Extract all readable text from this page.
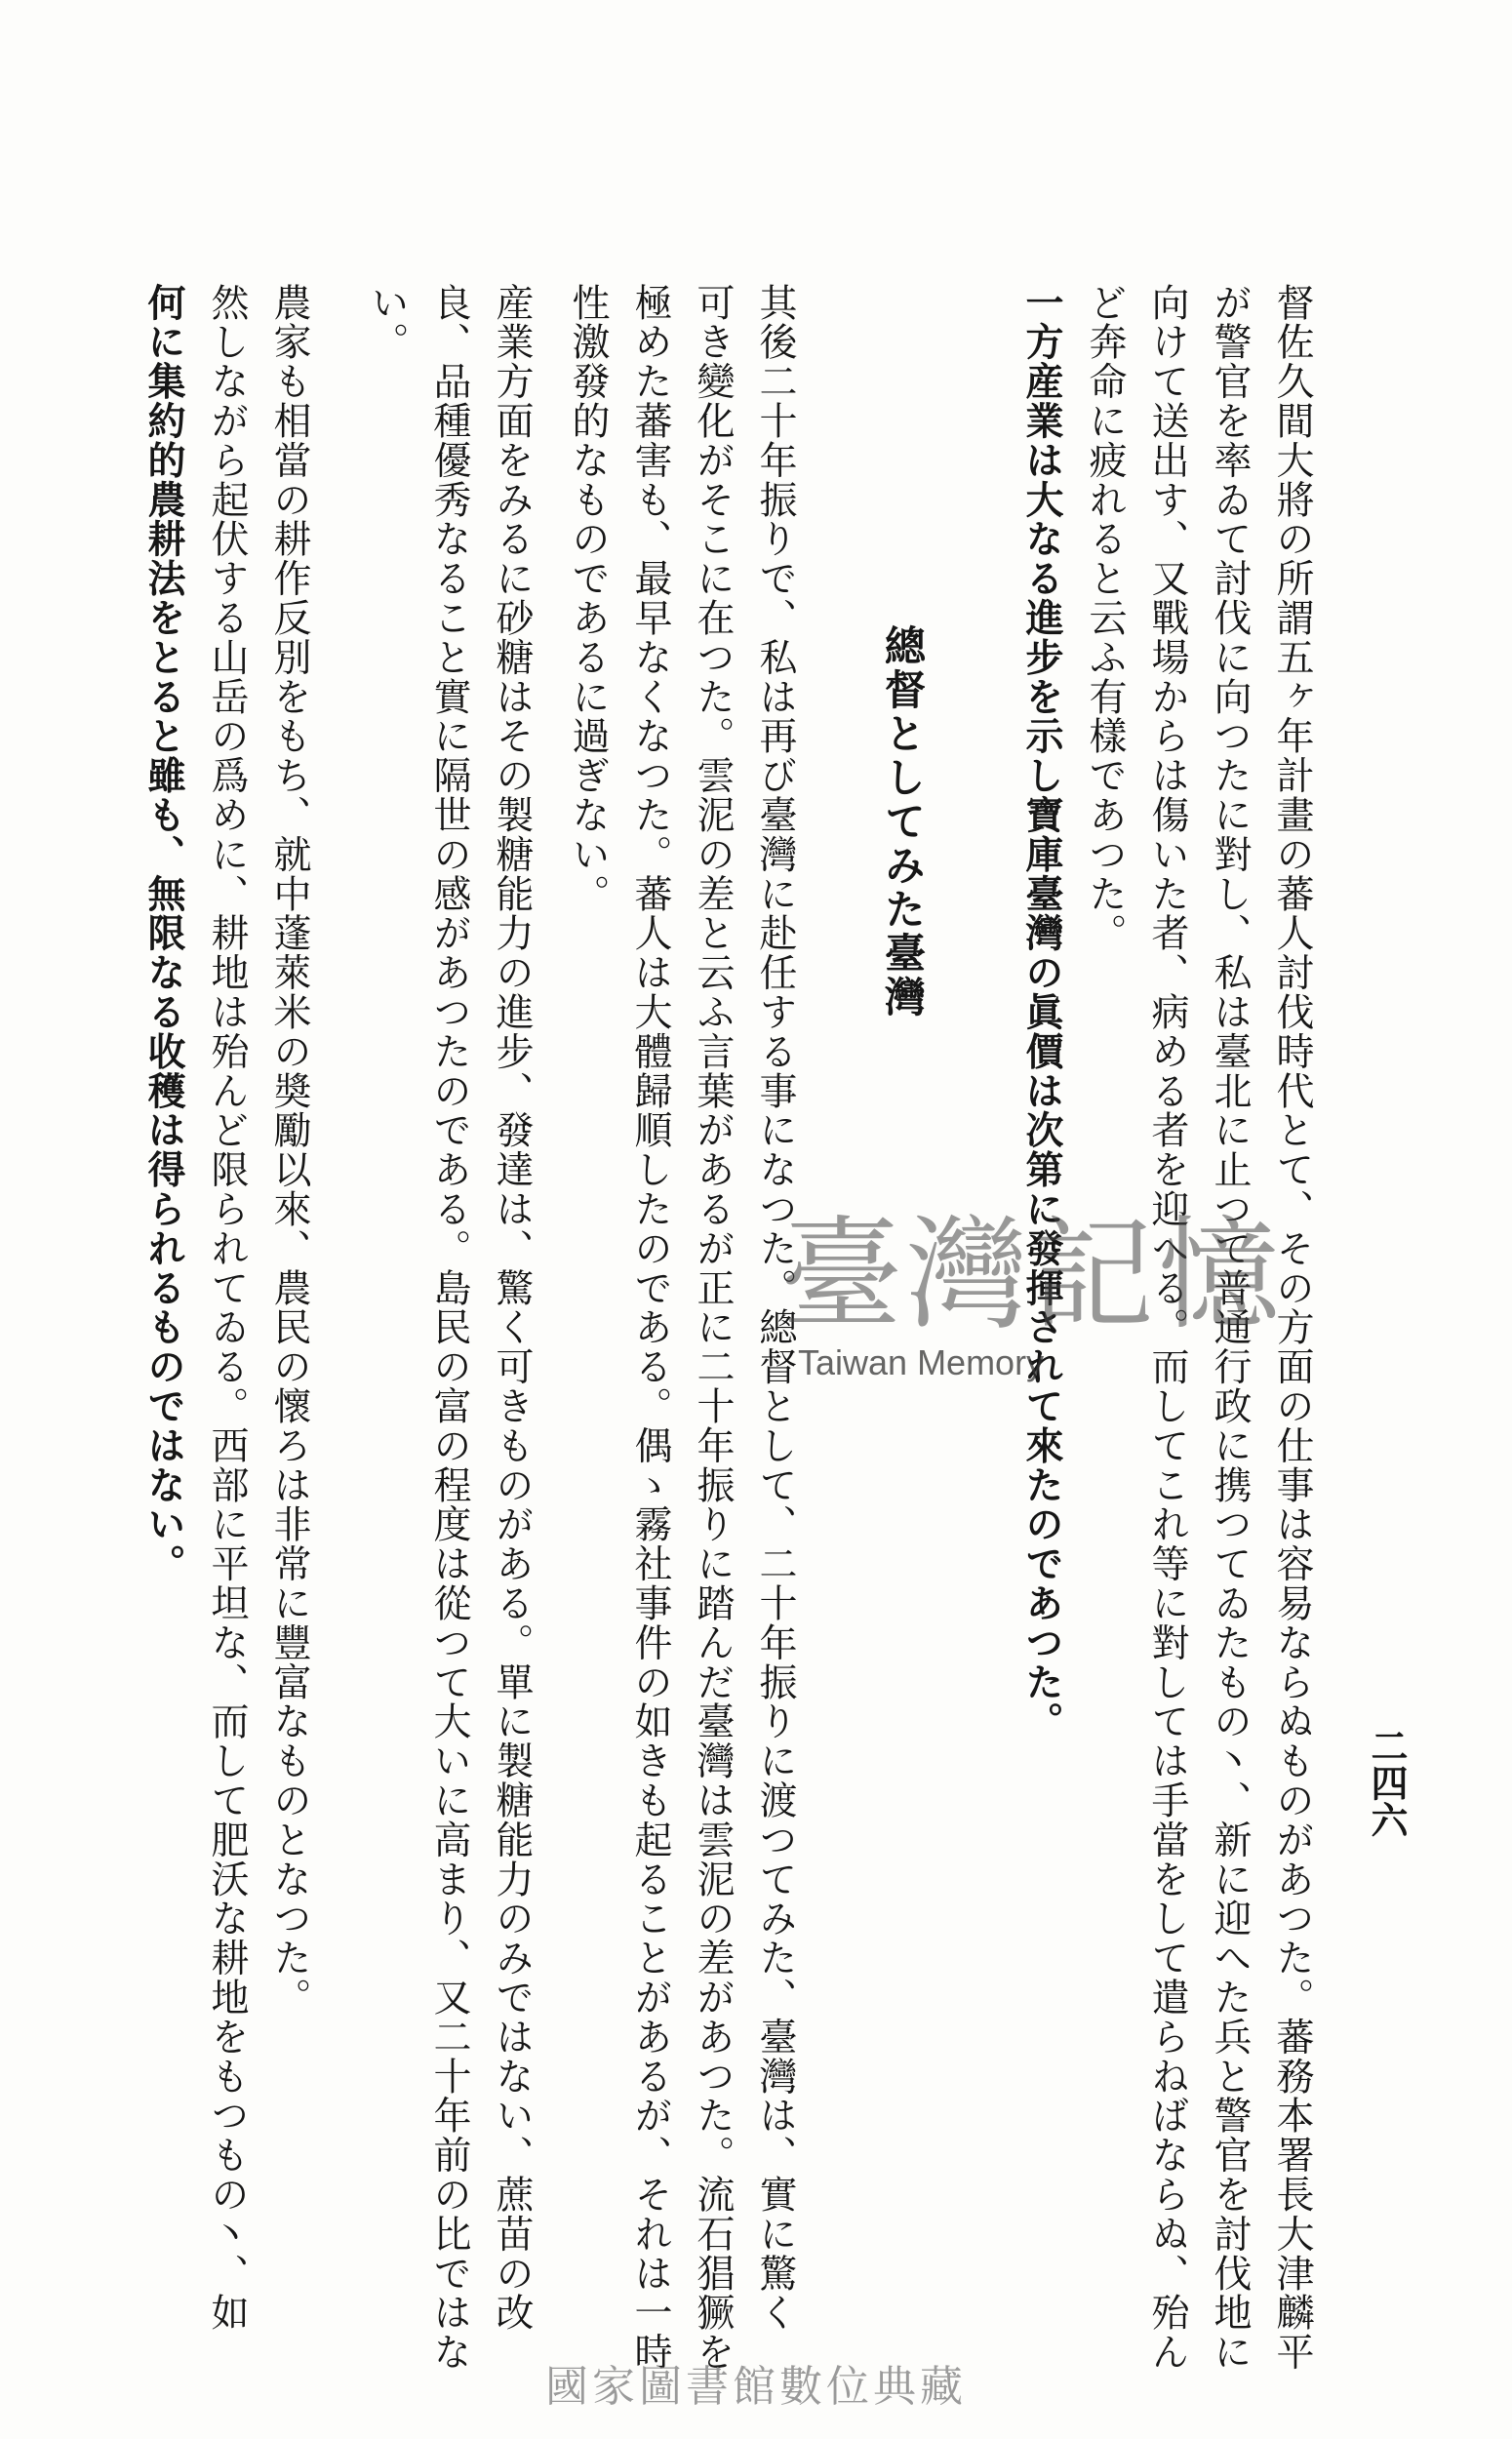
二四六
督佐久間大將の所謂五ヶ年計畫の蕃人討伐時代とて、その方面の仕事は容易ならぬものがあつた。蕃務本署長大津麟平
が警官を率ゐて討伐に向つたに對し、私は臺北に止つて普通行政に携つてゐたもの丶、新に迎へた兵と警官を討伐地に
向けて送出す、又戰場からは傷いた者、病める者を迎へる。而してこれ等に對しては手當をして遣らねばならぬ、殆ん
ど奔命に疲れると云ふ有樣であつた。
一方産業は大なる進步を示し寶庫臺灣の眞價は次第に發揮されて來たのであつた。
總督としてみた臺灣
其後二十年振りで、私は再び臺灣に赴任する事になつた。總督として、二十年振りに渡つてみた、臺灣は、實に驚く
可き變化がそこに在つた。雲泥の差と云ふ言葉があるが正に二十年振りに踏んだ臺灣は雲泥の差があつた。流石猖獗を
極めた蕃害も、最早なくなつた。蕃人は大體歸順したのである。偶ゝ霧社事件の如きも起ることがあるが、それは一時
性激發的なものであるに過ぎない。
産業方面をみるに砂糖はその製糖能力の進步、發達は、驚く可きものがある。單に製糖能力のみではない、蔗苗の改
良、品種優秀なること實に隔世の感があつたのである。島民の富の程度は從つて大いに高まり、又二十年前の比ではな
い。
農家も相當の耕作反別をもち、就中蓬萊米の奬勵以來、農民の懷ろは非常に豐富なものとなつた。
然しながら起伏する山岳の爲めに、耕地は殆んど限られてゐる。西部に平坦な、而して肥沃な耕地をもつもの丶、如
何に集約的農耕法をとると雖も、無限なる收穫は得られるものではない。	臺灣記憶
Taiwan Memory
國家圖書館數位典藏
